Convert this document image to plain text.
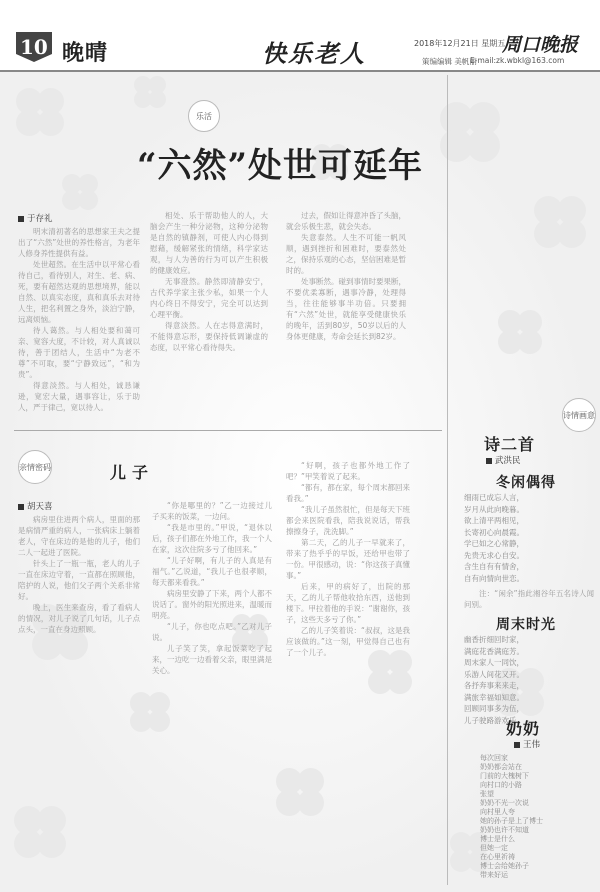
10 晚晴	快乐老人	2018年12月21日 星期五
周口晚报
策编编辑 美帆丽
E-mail:zk.wbkl@163.com
乐活
“六然”处世可延年
于存礼

明末清初著名的思想家王夫之提出了“六然”处世的养性格言，为老年人修身养性提供有益。

处世超然。在生活中以平常心看待自己，看待别人，对生、老、病、死，要有超然达观的思想境界，能以自然、以真实态度，真和真乐去对待人生，把名利置之身外，淡泊宁静，远离烦恼。

待人蔼然。与人相处要和蔼可亲、宽容大度，不计较，对人真诚以待，善于团结人，生活中“为老不尊”不可取，要“宁静致远”，“和为贵”。

得意淡然。与人相处，诚恳谦逊，宽宏大量，遇事容让，乐于助人，严于律己，宽以待人。

相处、乐于帮助他人的人，大脑会产生一种分泌物，这种分泌物是自然的镇静剂，可使人内心得到慰藉，缓解紧张的情绪，科学家达观，与人为善的行为可以产生积极的健康效应。

无事澄然。静然即清静安宁，古代养学家主张少私，如果一个人内心终日不得安宁，完全可以达到心理平衡。

得意淡然。人在志得意满时，不能得意忘形，要保持低调谦虚的态度，以平常心看待得失。

过去，假如让得意冲昏了头脑，就会乐极生悲，就会失态。

失意泰然。人生不可能一帆风顺，遇到挫折和困难时，要泰然处之，保持乐观的心态，坚信困难是暂时的。

处事断然。碰到事情时要果断，不要优柔寡断，遇事冷静，处理得当，往往能够事半功倍。只要拥有“六然”处世，就能享受健康快乐的晚年，活到80岁，50岁以后的人身体更健康，寿命会延长到82岁。

亲情密码	儿子
胡天喜

病房里住进两个病人，里面的那是病情严重的病人，一张病床上躺着老人，守在床边的是他的儿子，他们二人一起进了医院。

针头上了一瓶一瓶，老人的儿子一直在床边守着，一直都在照顾他，陪护的人说，他们父子两个关系非常好。

晚上，医生来查房，看了看病人的情况，对儿子说了几句话，儿子点点头，一直在身边照顾。

“你是哪里的？”乙一边接过儿子买来的饭菜，一边问。

“我是市里的。”甲说，“退休以后，孩子们都在外地工作，我一个人在家，这次住院多亏了他回来。”

“儿子好啊，有儿子的人真是有福气。”乙说道，“我儿子也很孝顺，每天都来看我。”

病房里安静了下来，两个人都不说话了。窗外的阳光照进来，温暖而明亮。

“儿子，你也吃点吧。”乙对儿子说。

儿子笑了笑，拿起饭菜吃了起来，一边吃一边看着父亲，眼里满是关心。

“好啊，孩子也都外地工作了吧？”甲笑着说了起来。

“都有，都在家，每个周末都回来看我。”

“我儿子虽然很忙，但是每天下班都会来医院看我，陪我说说话，帮我擦擦身子，洗洗脚。”

第二天，乙的儿子一早就来了，带来了热乎乎的早饭，还给甲也带了一份。甲很感动，说：“你这孩子真懂事。”

后来，甲的病好了，出院的那天，乙的儿子帮他收拾东西，送他到楼下。甲拉着他的手说：“谢谢你，孩子，这些天多亏了你。”

乙的儿子笑着说：“叔叔，这是我应该做的。”这一刻，甲觉得自己也有了一个儿子。

诗情画意
诗二首
武洪民
冬闲偶得
细雨已成忘人言，
岁月从此向晚暮。
欲上清平两相见，
长寄初心向晨霞。
学已如之心常静，
先贵无求心自安。
含生自有有情舍，
自有向情向世恋。

注：“闲余”指此湘谷年五名诗人闻问别。

周末时光
幽香折细回时家，
满庭花香满庭芳。
周末家人一同饮，
乐游人间花又开。
各抒奔事来来走，
满旅幸福如知意。
回顾同事多为伍，
儿子驶路游欢乐。
奶奶
王伟
每次回家
奶奶都会站在
门前的大槐树下
向村口的小路
张望
奶奶不光一次说
向村里人夸
她的孙子是上了博士
奶奶也许不知道
博士是什么
但她一定
在心里祈祷
博士会给她孙子
带来好运
